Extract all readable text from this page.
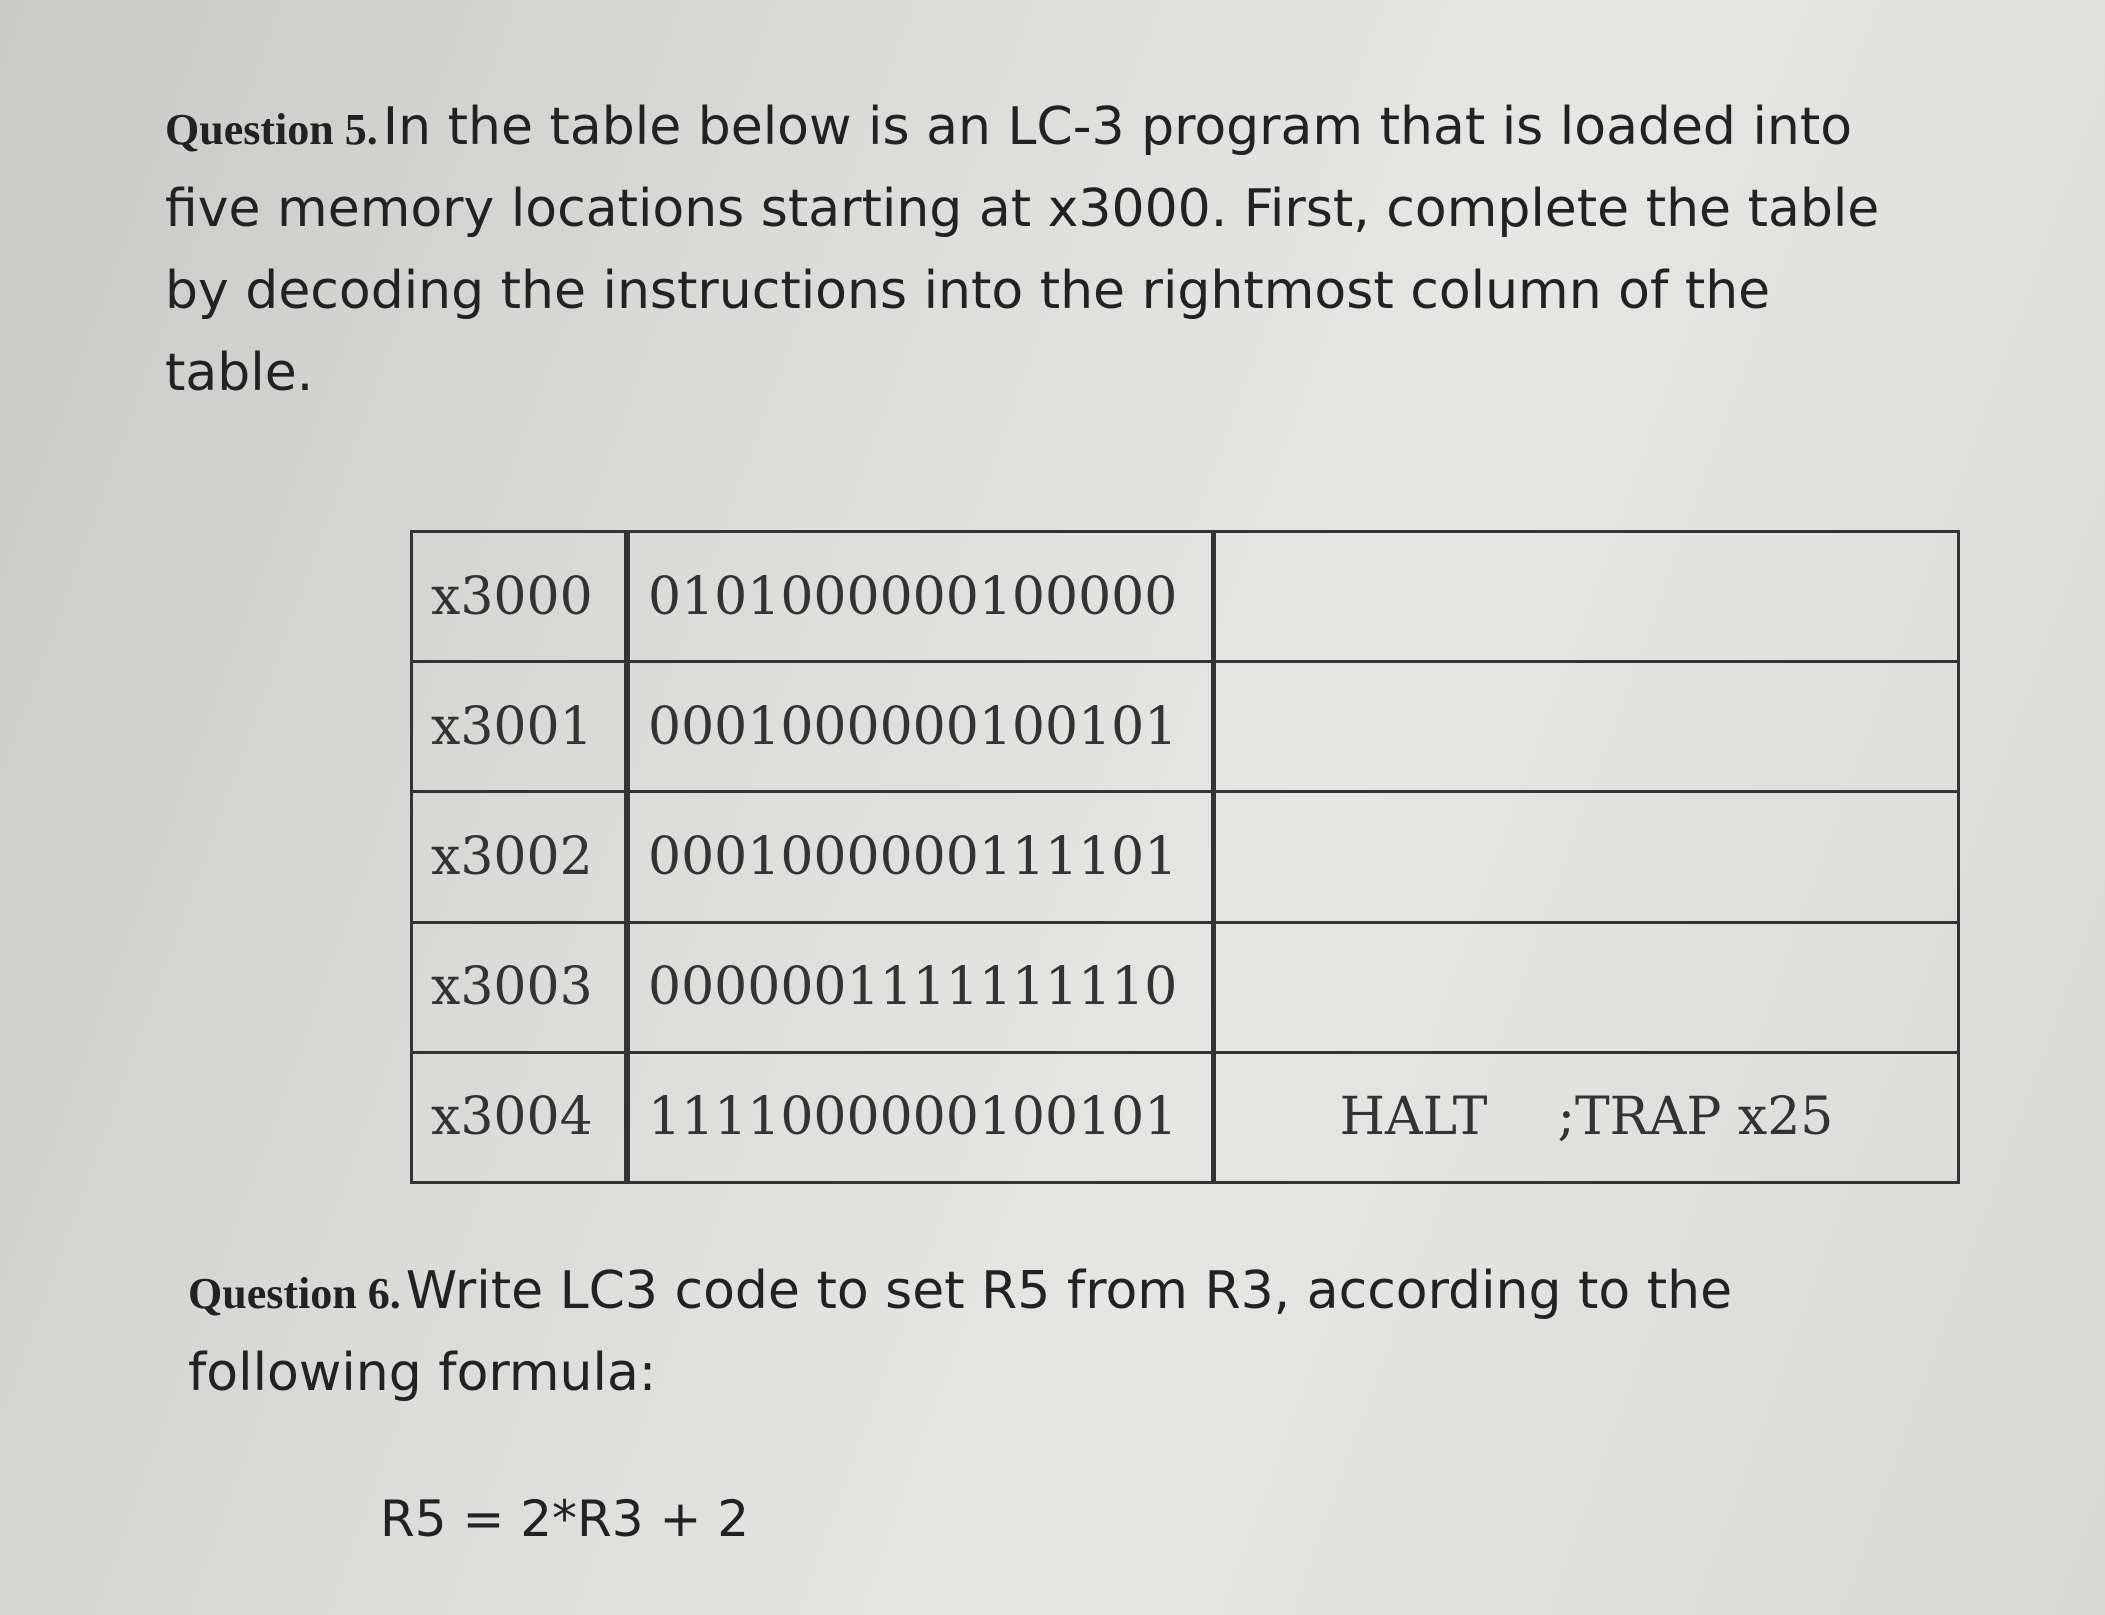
Question 5. In the table below is an LC-3 program that is loaded into five memory locations starting at x3000. First, complete the table by decoding the instructions into the rightmost column of the table.

x3000	0101000000100000	
x3001	0001000000100101	
x3002	0001000000111101	
x3003	0000001111111110	
x3004	1111000000100101	HALT ;TRAP x25

Question 6. Write LC3 code to set R5 from R3, according to the following formula:

R5 = 2*R3 + 2
